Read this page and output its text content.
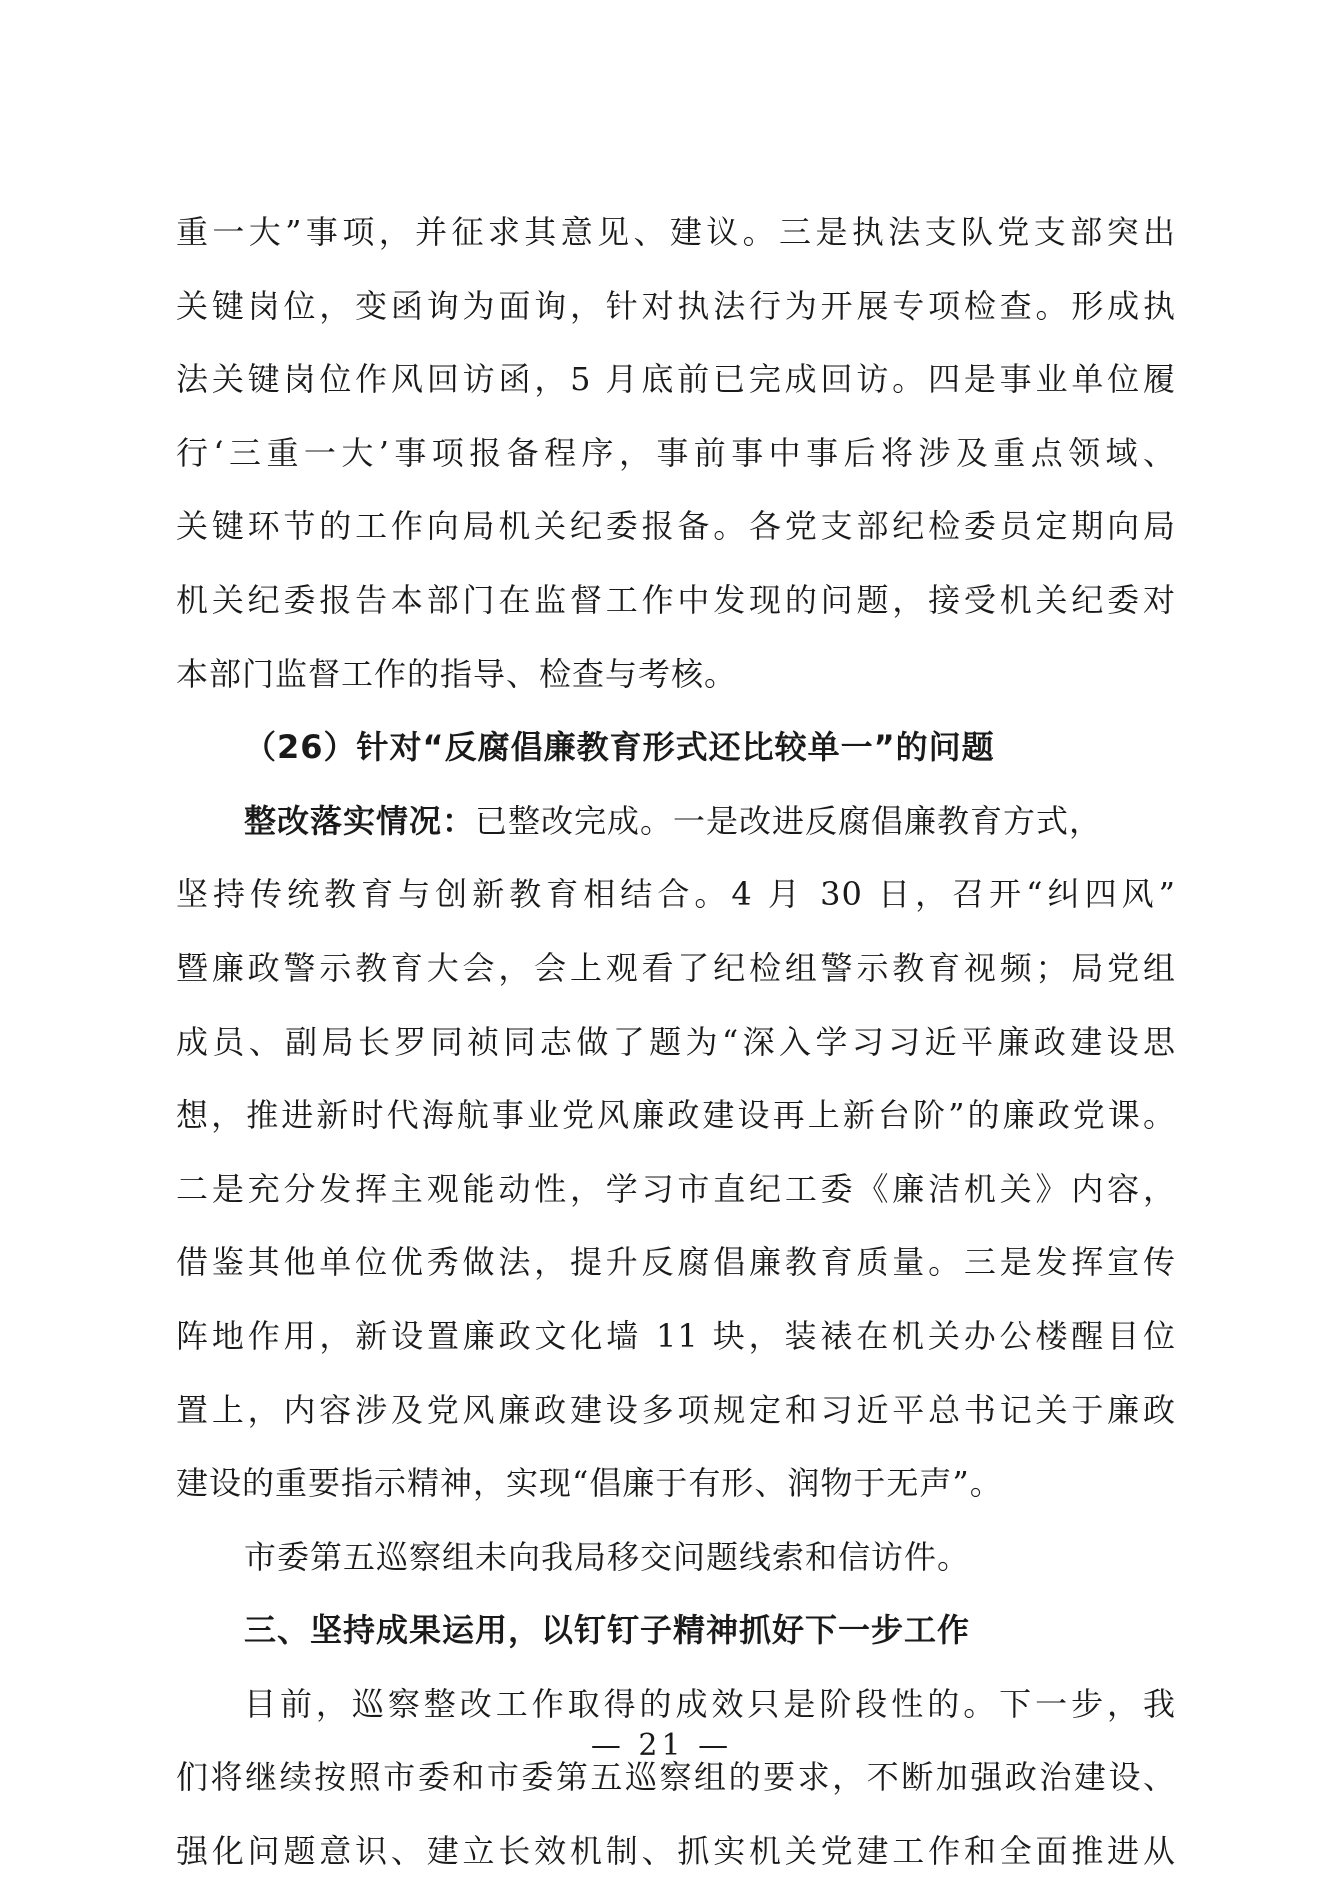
重一大”事项，并征求其意见、建议。三是执法支队党支部突出
关键岗位，变函询为面询，针对执法行为开展专项检查。形成执
法关键岗位作风回访函，5 月底前已完成回访。四是事业单位履
行‘三重一大’事项报备程序，事前事中事后将涉及重点领域、
关键环节的工作向局机关纪委报备。各党支部纪检委员定期向局
机关纪委报告本部门在监督工作中发现的问题，接受机关纪委对
本部门监督工作的指导、检查与考核。
（26）针对“反腐倡廉教育形式还比较单一”的问题
整改落实情况：已整改完成。一是改进反腐倡廉教育方式，
坚持传统教育与创新教育相结合。4 月 30 日，召开“纠四风”
暨廉政警示教育大会，会上观看了纪检组警示教育视频；局党组
成员、副局长罗同祯同志做了题为“深入学习习近平廉政建设思
想，推进新时代海航事业党风廉政建设再上新台阶”的廉政党课。
二是充分发挥主观能动性，学习市直纪工委《廉洁机关》内容，
借鉴其他单位优秀做法，提升反腐倡廉教育质量。三是发挥宣传
阵地作用，新设置廉政文化墙 11 块，装裱在机关办公楼醒目位
置上，内容涉及党风廉政建设多项规定和习近平总书记关于廉政
建设的重要指示精神，实现“倡廉于有形、润物于无声”。
市委第五巡察组未向我局移交问题线索和信访件。
三、坚持成果运用，以钉钉子精神抓好下一步工作
目前，巡察整改工作取得的成效只是阶段性的。下一步，我
们将继续按照市委和市委第五巡察组的要求，不断加强政治建设、
强化问题意识、建立长效机制、抓实机关党建工作和全面推进从
— 21 —
